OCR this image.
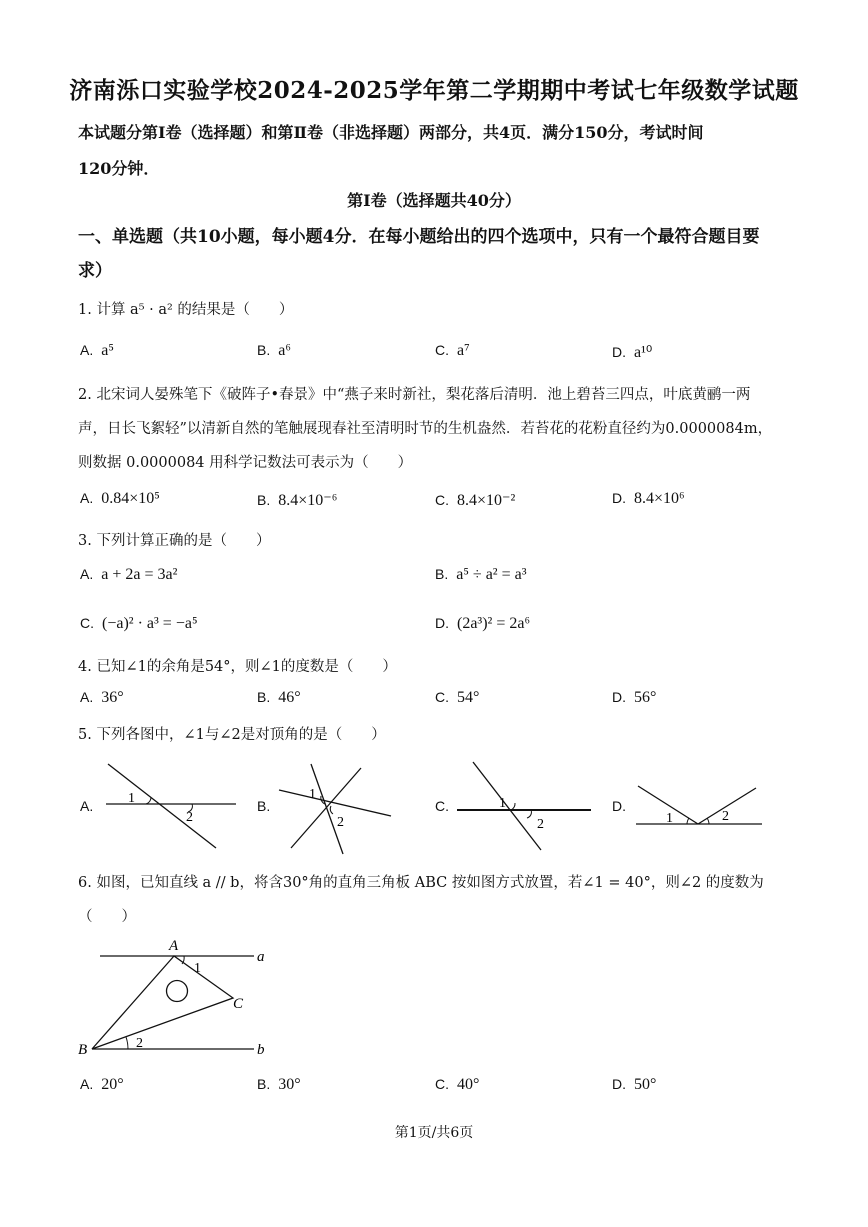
济南泺口实验学校2024-2025学年第二学期期中考试七年级数学试题
本试题分第Ⅰ卷（选择题）和第Ⅱ卷（非选择题）两部分，共4页．满分150分，考试时间
120分钟．
第Ⅰ卷（选择题共40分）
一、单选题（共10小题，每小题4分．在每小题给出的四个选项中，只有一个最符合题目要
求）
1. 计算 a⁵ · a² 的结果是（　　）
A. a⁵	B. a⁶	C. a⁷	D. a¹⁰
2. 北宋词人晏殊笔下《破阵子•春景》中“燕子来时新社，梨花落后清明．池上碧苔三四点，叶底黄鹂一两
声，日长飞絮轻”以清新自然的笔触展现春社至清明时节的生机盎然．若苔花的花粉直径约为0.0000084m，
则数据 0.0000084 用科学记数法可表示为（　　）
A. 0.84×10⁵	B. 8.4×10⁻⁶	C. 8.4×10⁻²	D. 8.4×10⁶
3. 下列计算正确的是（　　）
A. a + 2a = 3a²	B. a⁵ ÷ a² = a³
C. (−a)² · a³ = −a⁵	D. (2a³)² = 2a⁶
4. 已知∠1的余角是54°，则∠1的度数是（　　）
A. 36°	B. 46°	C. 54°	D. 56°
5. 下列各图中，∠1与∠2是对顶角的是（　　）
A.	B.	C.	D.
1
2
1
2
1
2	1	2
6. 如图，已知直线 a // b，将含30°角的直角三角板 ABC 按如图方式放置，若∠1 = 40°，则∠2 的度数为
（　　）
A
B
C
a
b
1
2
A. 20°	B. 30°	C. 40°	D. 50°
第1页/共6页
